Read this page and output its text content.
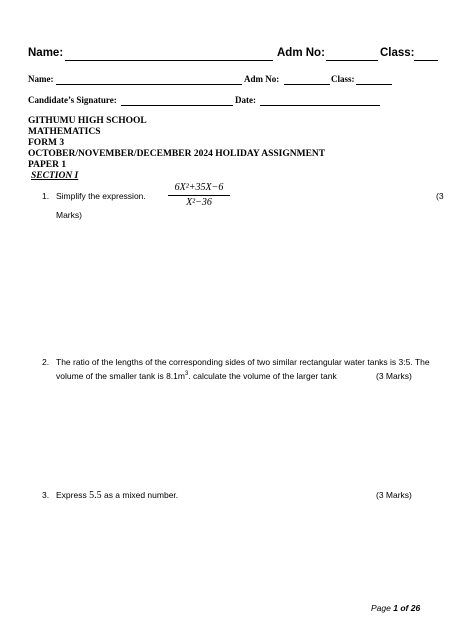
Name:	Adm No:	Class:
Name:	Adm No:	Class:
Candidate’s Signature:	Date:
GITHUMU HIGH SCHOOL
MATHEMATICS
FORM 3
OCTOBER/NOVEMBER/DECEMBER 2024 HOLIDAY ASSIGNMENT
PAPER 1
SECTION I
1. Simplify the expression.
6X²+35X−6
X²−36
(3
Marks)
2. The ratio of the lengths of the corresponding sides of two similar rectangular water tanks is 3:5. The
volume of the smaller tank is $8.1m^3$. calculate the volume of the larger tank	(3 Marks)
3. Express 5.5 as a mixed number.	(3 Marks)
Page 1 of 26
